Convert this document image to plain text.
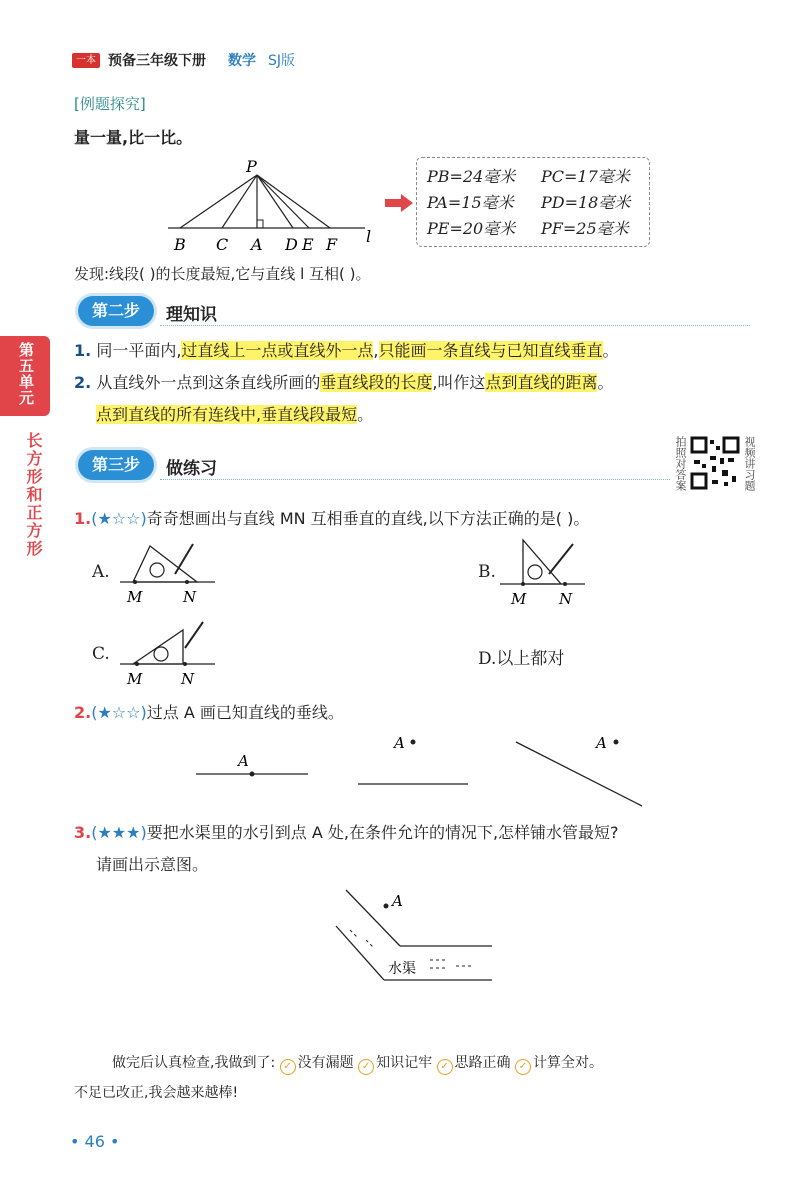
一本 预备三年级下册 数学 SJ版
[例题探究]
量一量,比一比。
P
l
B C A D E F
PB=24毫米 PC=17毫米
PA=15毫米 PD=18毫米
PE=20毫米 PF=25毫米
发现:线段( )的长度最短,它与直线 l 互相( )。
第二步	理知识
1. 同一平面内,过直线上一点或直线外一点,只能画一条直线与已知直线垂直。
2. 从直线外一点到这条直线所画的垂直线段的长度,叫作这点到直线的距离。
点到直线的所有连线中,垂直线段最短。
第五单元
长方形和正方形	拍照对答案	视频讲习题
第三步	做练习
1.(★☆☆)奇奇想画出与直线 MN 互相垂直的直线,以下方法正确的是( )。
A.
M	N
B.
M N
C.
M	N
D.以上都对
2.(★☆☆)过点 A 画已知直线的垂线。
A
A	A
3.(★★★)要把水渠里的水引到点 A 处,在条件允许的情况下,怎样铺水管最短?
请画出示意图。
A
水渠
做完后认真检查,我做到了: ✓ 没有漏题 ✓ 知识记牢 ✓ 思路正确 ✓ 计算全对。
不足已改正,我会越来越棒!
• 46 •
